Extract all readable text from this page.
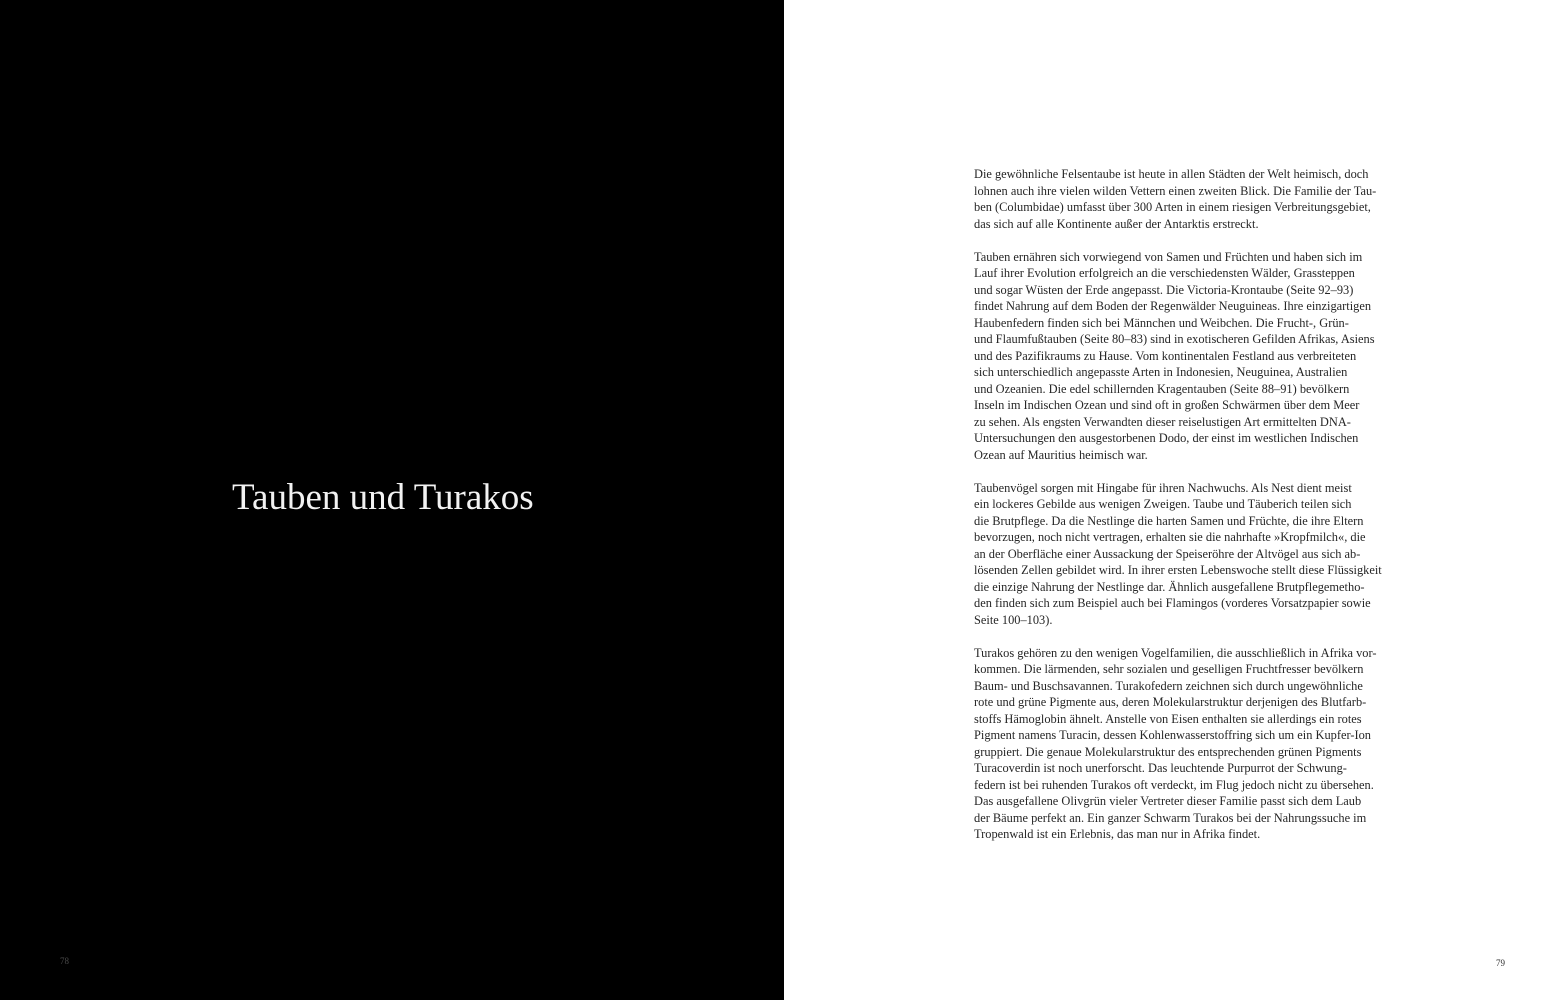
Tauben und Turakos
78

Die gewöhnliche Felsentaube ist heute in allen Städten der Welt heimisch, doch
lohnen auch ihre vielen wilden Vettern einen zweiten Blick. Die Familie der Tau-
ben (Columbidae) umfasst über 300 Arten in einem riesigen Verbreitungsgebiet,
das sich auf alle Kontinente außer der Antarktis erstreckt.

Tauben ernähren sich vorwiegend von Samen und Früchten und haben sich im
Lauf ihrer Evolution erfolgreich an die verschiedensten Wälder, Grassteppen
und sogar Wüsten der Erde angepasst. Die Victoria-Krontaube (Seite 92–93)
findet Nahrung auf dem Boden der Regenwälder Neuguineas. Ihre einzigartigen
Haubenfedern finden sich bei Männchen und Weibchen. Die Frucht-, Grün-
und Flaumfußtauben (Seite 80–83) sind in exotischeren Gefilden Afrikas, Asiens
und des Pazifikraums zu Hause. Vom kontinentalen Festland aus verbreiteten
sich unterschiedlich angepasste Arten in Indonesien, Neuguinea, Australien
und Ozeanien. Die edel schillernden Kragentauben (Seite 88–91) bevölkern
Inseln im Indischen Ozean und sind oft in großen Schwärmen über dem Meer
zu sehen. Als engsten Verwandten dieser reiselustigen Art ermittelten DNA-
Untersuchungen den ausgestorbenen Dodo, der einst im westlichen Indischen
Ozean auf Mauritius heimisch war.

Taubenvögel sorgen mit Hingabe für ihren Nachwuchs. Als Nest dient meist
ein lockeres Gebilde aus wenigen Zweigen. Taube und Täuberich teilen sich
die Brutpflege. Da die Nestlinge die harten Samen und Früchte, die ihre Eltern
bevorzugen, noch nicht vertragen, erhalten sie die nahrhafte »Kropfmilch«, die
an der Oberfläche einer Aussackung der Speiseröhre der Altvögel aus sich ab-
lösenden Zellen gebildet wird. In ihrer ersten Lebenswoche stellt diese Flüssigkeit
die einzige Nahrung der Nestlinge dar. Ähnlich ausgefallene Brutpflegemetho-
den finden sich zum Beispiel auch bei Flamingos (vorderes Vorsatzpapier sowie
Seite 100–103).

Turakos gehören zu den wenigen Vogelfamilien, die ausschließlich in Afrika vor-
kommen. Die lärmenden, sehr sozialen und geselligen Fruchtfresser bevölkern
Baum- und Buschsavannen. Turakofedern zeichnen sich durch ungewöhnliche
rote und grüne Pigmente aus, deren Molekularstruktur derjenigen des Blutfarb-
stoffs Hämoglobin ähnelt. Anstelle von Eisen enthalten sie allerdings ein rotes
Pigment namens Turacin, dessen Kohlenwasserstoffring sich um ein Kupfer-Ion
gruppiert. Die genaue Molekularstruktur des entsprechenden grünen Pigments
Turacoverdin ist noch unerforscht. Das leuchtende Purpurrot der Schwung-
federn ist bei ruhenden Turakos oft verdeckt, im Flug jedoch nicht zu übersehen.
Das ausgefallene Olivgrün vieler Vertreter dieser Familie passt sich dem Laub
der Bäume perfekt an. Ein ganzer Schwarm Turakos bei der Nahrungssuche im
Tropenwald ist ein Erlebnis, das man nur in Afrika findet.

79
